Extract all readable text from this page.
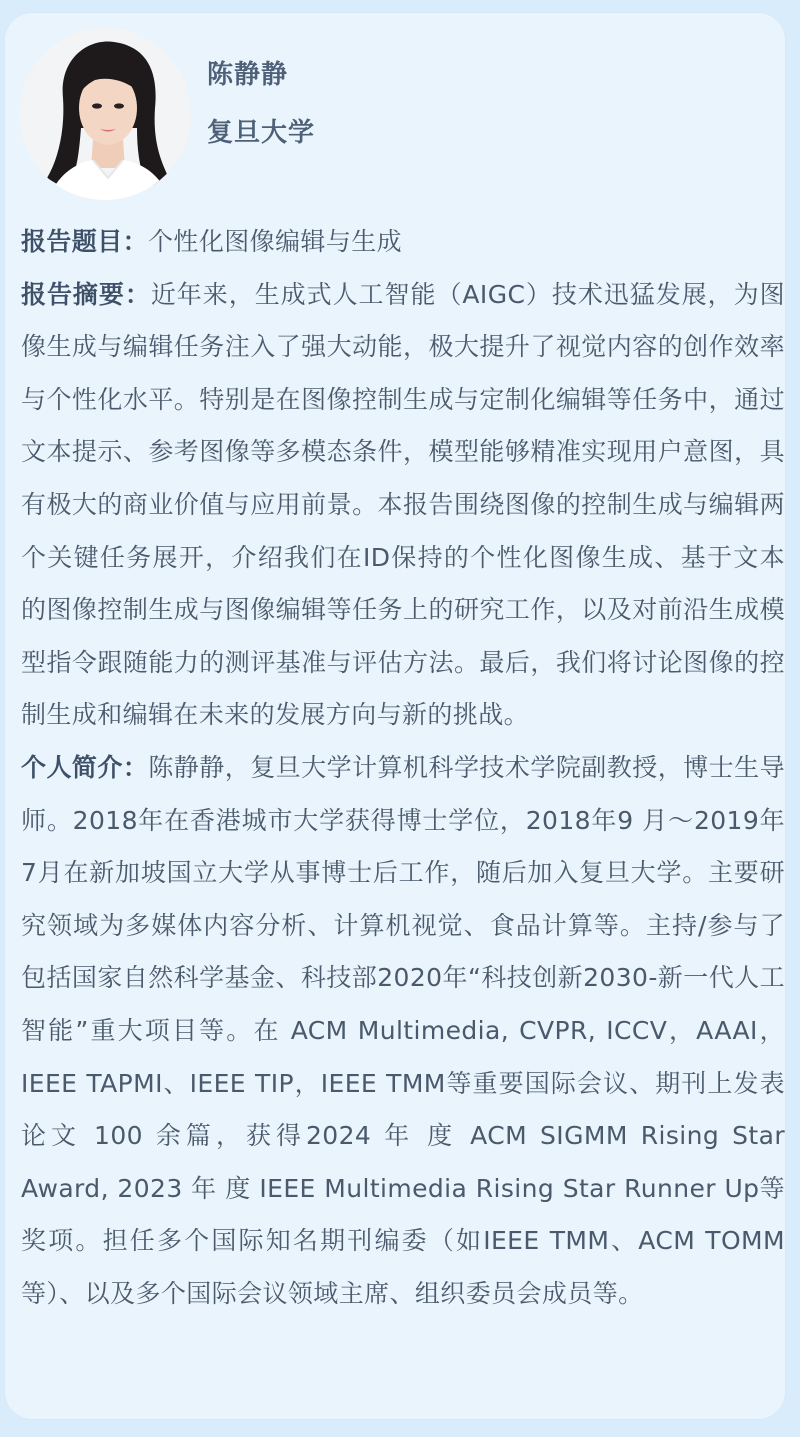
陈静静
复旦大学

报告题目：个性化图像编辑与生成

报告摘要：近年来，生成式人工智能（AIGC）技术迅猛发展，为图像生成与编辑任务注入了强大动能，极大提升了视觉内容的创作效率与个性化水平。特别是在图像控制生成与定制化编辑等任务中，通过文本提示、参考图像等多模态条件，模型能够精准实现用户意图，具有极大的商业价值与应用前景。本报告围绕图像的控制生成与编辑两个关键任务展开，介绍我们在ID保持的个性化图像生成、基于文本的图像控制生成与图像编辑等任务上的研究工作，以及对前沿生成模型指令跟随能力的测评基准与评估方法。最后，我们将讨论图像的控制生成和编辑在未来的发展方向与新的挑战。

个人简介：陈静静，复旦大学计算机科学技术学院副教授，博士生导师。2018年在香港城市大学获得博士学位，2018年9 月～2019年7月在新加坡国立大学从事博士后工作，随后加入复旦大学。主要研究领域为多媒体内容分析、计算机视觉、食品计算等。主持/参与了包括国家自然科学基金、科技部2020年“科技创新2030-新一代人工智能”重大项目等。在 ACM Multimedia, CVPR, ICCV，AAAI，IEEE TAPMI、IEEE TIP，IEEE TMM等重要国际会议、期刊上发表论文 100 余篇，获得2024 年 度 ACM SIGMM Rising Star Award, 2023 年 度 IEEE Multimedia Rising Star Runner Up等奖项。担任多个国际知名期刊编委（如IEEE TMM、ACM TOMM等）、以及多个国际会议领域主席、组织委员会成员等。
